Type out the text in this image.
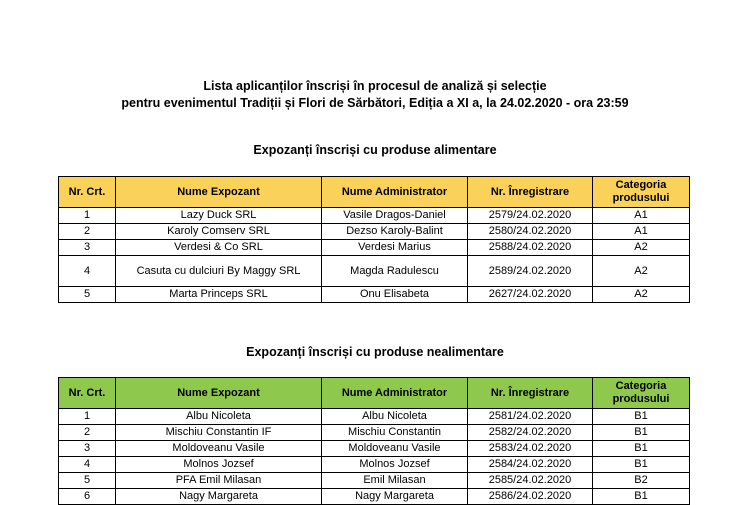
Lista aplicanților înscriși în procesul de analiză și selecție
pentru evenimentul Tradiții și Flori de Sărbători, Ediția a XI a, la 24.02.2020 - ora 23:59
Expozanți înscriși cu produse alimentare
Nr. Crt.	Nume Expozant	Nume Administrator	Nr. Înregistrare	Categoria produsului
1	Lazy Duck SRL	Vasile Dragos-Daniel	2579/24.02.2020	A1
2	Karoly Comserv SRL	Dezso Karoly-Balint	2580/24.02.2020	A1
3	Verdesi & Co SRL	Verdesi Marius	2588/24.02.2020	A2
4	Casuta cu dulciuri By Maggy SRL	Magda Radulescu	2589/24.02.2020	A2
5	Marta Princeps SRL	Onu Elisabeta	2627/24.02.2020	A2
Expozanți înscriși cu produse nealimentare
Nr. Crt.	Nume Expozant	Nume Administrator	Nr. Înregistrare	Categoria produsului
1	Albu Nicoleta	Albu Nicoleta	2581/24.02.2020	B1
2	Mischiu Constantin IF	Mischiu Constantin	2582/24.02.2020	B1
3	Moldoveanu Vasile	Moldoveanu Vasile	2583/24.02.2020	B1
4	Molnos Jozsef	Molnos Jozsef	2584/24.02.2020	B1
5	PFA Emil Milasan	Emil Milasan	2585/24.02.2020	B2
6	Nagy Margareta	Nagy Margareta	2586/24.02.2020	B1
